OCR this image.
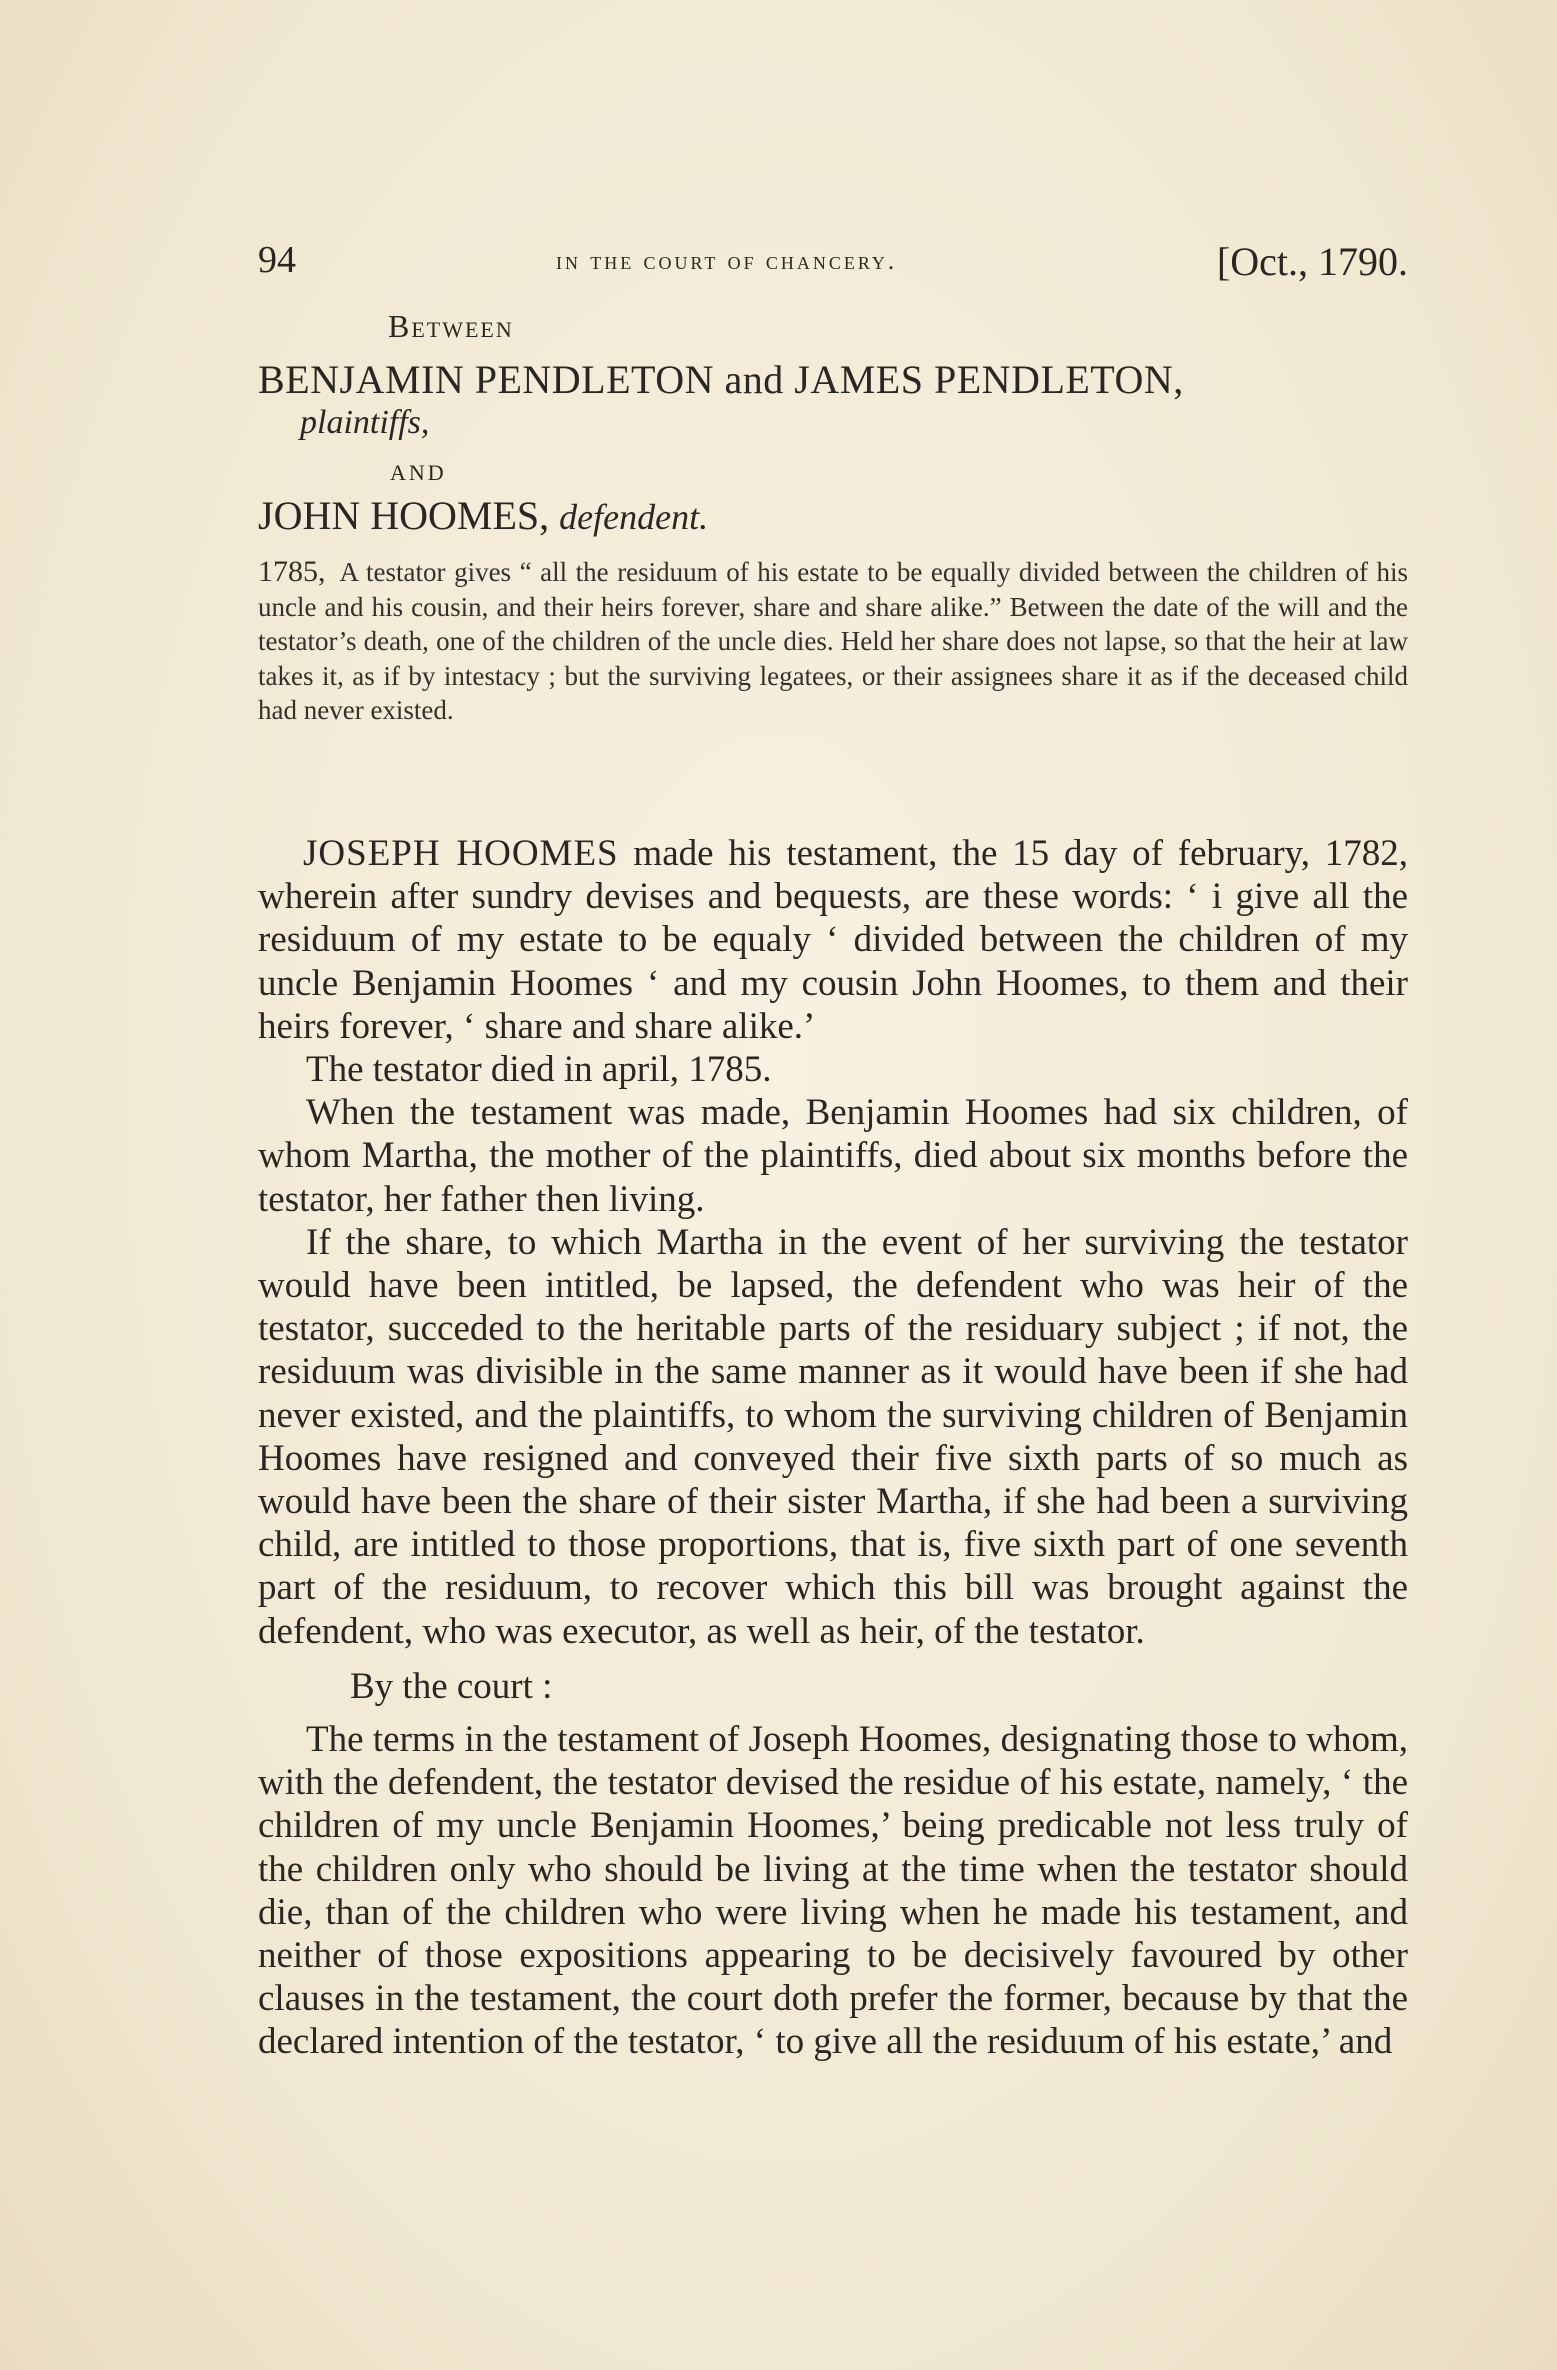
94	in the court of chancery.	[Oct., 1790.
Between
BENJAMIN PENDLETON and JAMES PENDLETON,
plaintiffs,
AND
JOHN HOOMES, defendent.

1785, A testator gives “ all the residuum of his estate to be equally divided between the children of his uncle and his cousin, and their heirs forever, share and share alike.” Between the date of the will and the testator’s death, one of the children of the uncle dies. Held her share does not lapse, so that the heir at law takes it, as if by intestacy ; but the surviving legatees, or their assignees share it as if the deceased child had never existed.

JOSEPH HOOMES made his testament, the 15 day of february, 1782, wherein after sundry devises and bequests, are these words: ‘ i give all the residuum of my estate to be equaly ‘ divided between the children of my uncle Benjamin Hoomes ‘ and my cousin John Hoomes, to them and their heirs forever, ‘ share and share alike.’

The testator died in april, 1785.

When the testament was made, Benjamin Hoomes had six children, of whom Martha, the mother of the plaintiffs, died about six months before the testator, her father then living.

If the share, to which Martha in the event of her surviving the testator would have been intitled, be lapsed, the defendent who was heir of the testator, succeded to the heritable parts of the residuary subject ; if not, the residuum was divisible in the same manner as it would have been if she had never existed, and the plaintiffs, to whom the surviving children of Benjamin Hoomes have resigned and conveyed their five sixth parts of so much as would have been the share of their sister Martha, if she had been a surviving child, are intitled to those proportions, that is, five sixth part of one seventh part of the residuum, to recover which this bill was brought against the defendent, who was executor, as well as heir, of the testator.

By the court :

The terms in the testament of Joseph Hoomes, designating those to whom, with the defendent, the testator devised the residue of his estate, namely, ‘ the children of my uncle Benjamin Hoomes,’ being predicable not less truly of the children only who should be living at the time when the testator should die, than of the children who were living when he made his testament, and neither of those expositions appearing to be decisively favoured by other clauses in the testament, the court doth prefer the former, because by that the declared intention of the testator, ‘ to give all the residuum of his estate,’ and
